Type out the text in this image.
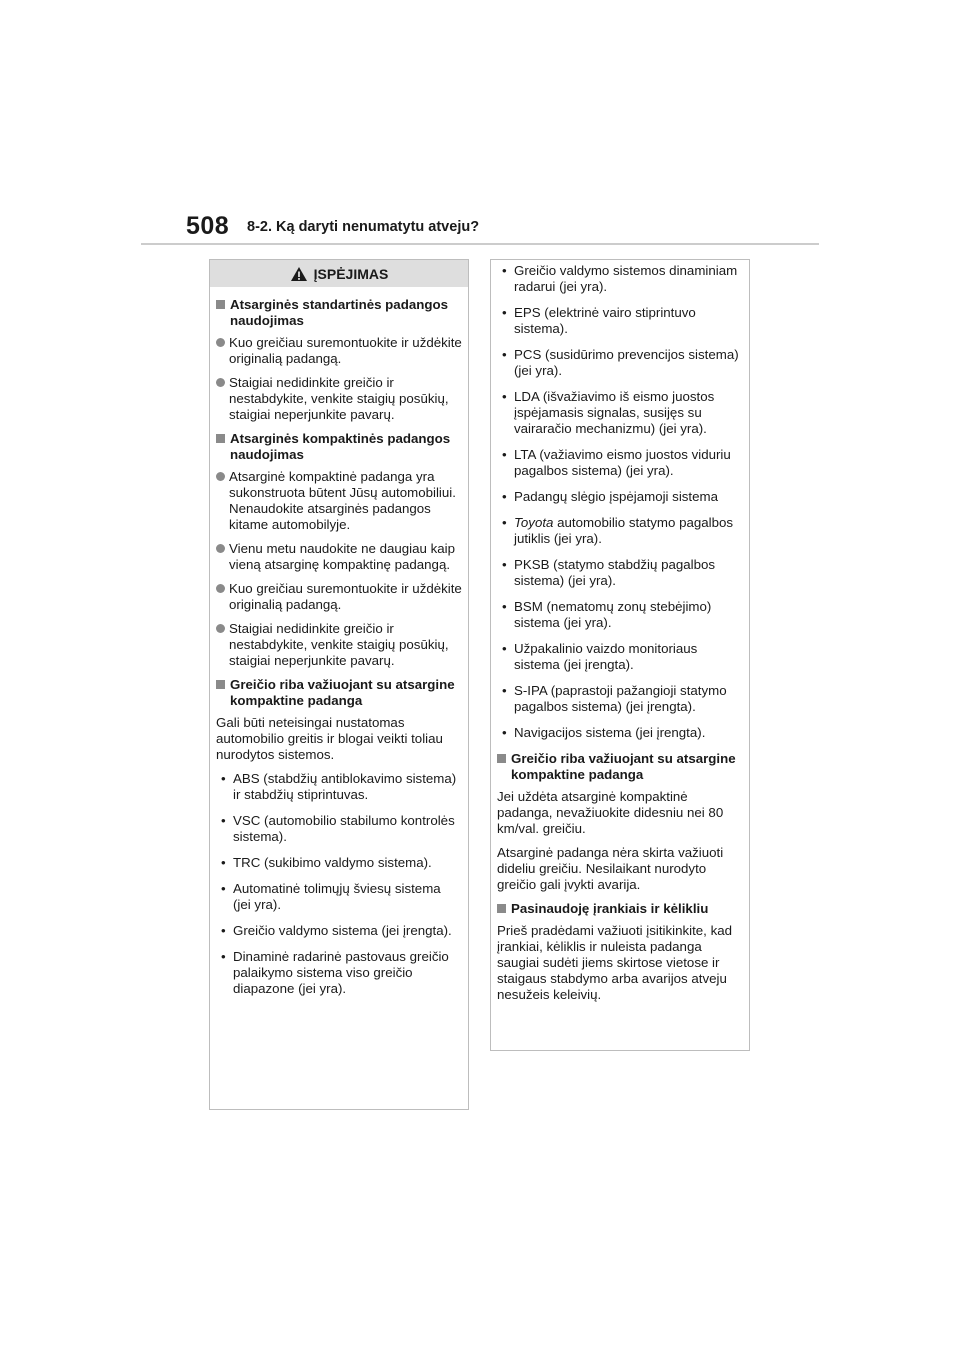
508 8-2. Ką daryti nenumatytu atveju?
ĮSPĖJIMAS
Atsarginės standartinės padangos naudojimas
Kuo greičiau suremontuokite ir uždėkite originalią padangą.
Staigiai nedidinkite greičio ir nestabdykite, venkite staigių posūkių, staigiai neperjunkite pavarų.
Atsarginės kompaktinės padangos naudojimas
Atsarginė kompaktinė padanga yra sukonstruota būtent Jūsų automobiliui. Nenaudokite atsarginės padangos kitame automobilyje.
Vienu metu naudokite ne daugiau kaip vieną atsarginę kompaktinę padangą.
Kuo greičiau suremontuokite ir uždėkite originalią padangą.
Staigiai nedidinkite greičio ir nestabdykite, venkite staigių posūkių, staigiai neperjunkite pavarų.
Greičio riba važiuojant su atsargine kompaktine padanga
Gali būti neteisingai nustatomas automobilio greitis ir blogai veikti toliau nurodytos sistemos.
• ABS (stabdžių antiblokavimo sistema) ir stabdžių stiprintuvas.
• VSC (automobilio stabilumo kontrolės sistema).
• TRC (sukibimo valdymo sistema).
• Automatinė tolimųjų šviesų sistema (jei yra).
• Greičio valdymo sistema (jei įrengta).
• Dinaminė radarinė pastovaus greičio palaikymo sistema viso greičio diapazone (jei yra).
• Greičio valdymo sistemos dinaminiam radarui (jei yra).
• EPS (elektrinė vairo stiprintuvo sistema).
• PCS (susidūrimo prevencijos sistema) (jei yra).
• LDA (išvažiavimo iš eismo juostos įspėjamasis signalas, susijęs su vairaračio mechanizmu) (jei yra).
• LTA (važiavimo eismo juostos viduriu pagalbos sistema) (jei yra).
• Padangų slėgio įspėjamoji sistema
• Toyota automobilio statymo pagalbos jutiklis (jei yra).
• PKSB (statymo stabdžių pagalbos sistema) (jei yra).
• BSM (nematomų zonų stebėjimo) sistema (jei yra).
• Užpakalinio vaizdo monitoriaus sistema (jei įrengta).
• S-IPA (paprastoji pažangioji statymo pagalbos sistema) (jei įrengta).
• Navigacijos sistema (jei įrengta).
Greičio riba važiuojant su atsargine kompaktine padanga
Jei uždėta atsarginė kompaktinė padanga, nevažiuokite didesniu nei 80 km/val. greičiu.
Atsarginė padanga nėra skirta važiuoti dideliu greičiu. Nesilaikant nurodyto greičio gali įvykti avarija.
Pasinaudoję įrankiais ir kėlikliu
Prieš pradėdami važiuoti įsitikinkite, kad įrankiai, kėliklis ir nuleista padanga saugiai sudėti jiems skirtose vietose ir staigaus stabdymo arba avarijos atveju nesužeis keleivių.
